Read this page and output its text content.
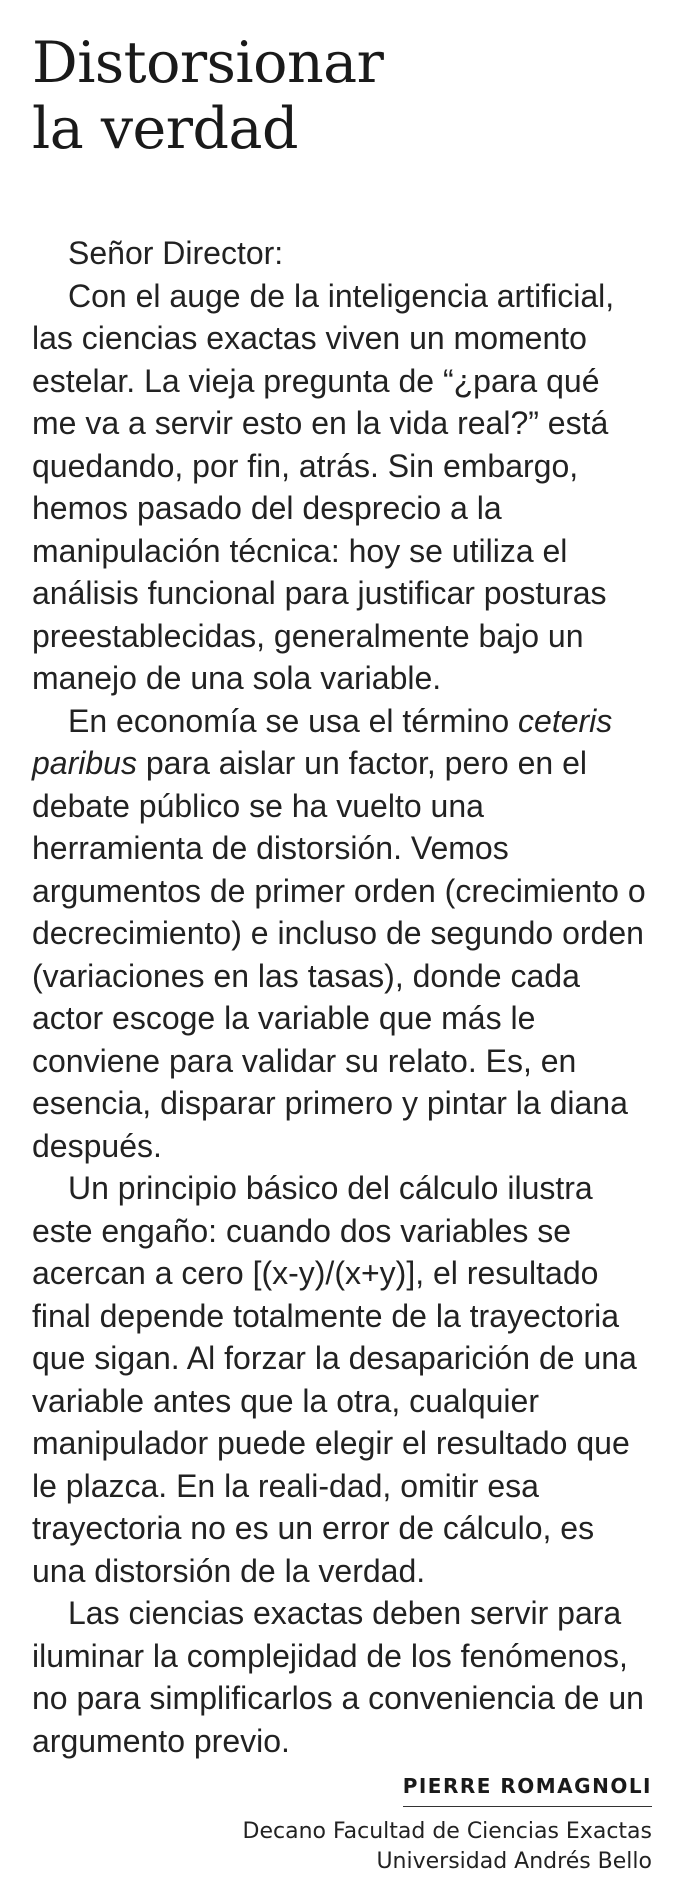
Distorsionar
la verdad

Señor Director:

Con el auge de la inteligencia artificial, las ciencias exactas viven un momento estelar. La vieja pregunta de “¿para qué me va a servir esto en la vida real?” está quedando, por fin, atrás. Sin embargo, hemos pasado del desprecio a la manipulación técnica: hoy se utiliza el análisis funcional para justificar posturas preestablecidas, generalmente bajo un manejo de una sola variable.

En economía se usa el término ceteris paribus para aislar un factor, pero en el debate público se ha vuelto una herramienta de distorsión. Vemos argumentos de primer orden (crecimiento o decrecimiento) e incluso de segundo orden (variaciones en las tasas), donde cada actor escoge la variable que más le conviene para validar su relato. Es, en esencia, disparar primero y pintar la diana después.

Un principio básico del cálculo ilustra este engaño: cuando dos variables se acercan a cero [(x-y)/(x+y)], el resultado final depende totalmente de la trayectoria que sigan. Al forzar la desaparición de una variable antes que la otra, cualquier manipulador puede elegir el resultado que le plazca. En la reali-dad, omitir esa trayectoria no es un error de cálculo, es una distorsión de la verdad.

Las ciencias exactas deben servir para iluminar la complejidad de los fenómenos, no para simplificarlos a conveniencia de un argumento previo.

PIERRE ROMAGNOLI
Decano Facultad de Ciencias Exactas
Universidad Andrés Bello
